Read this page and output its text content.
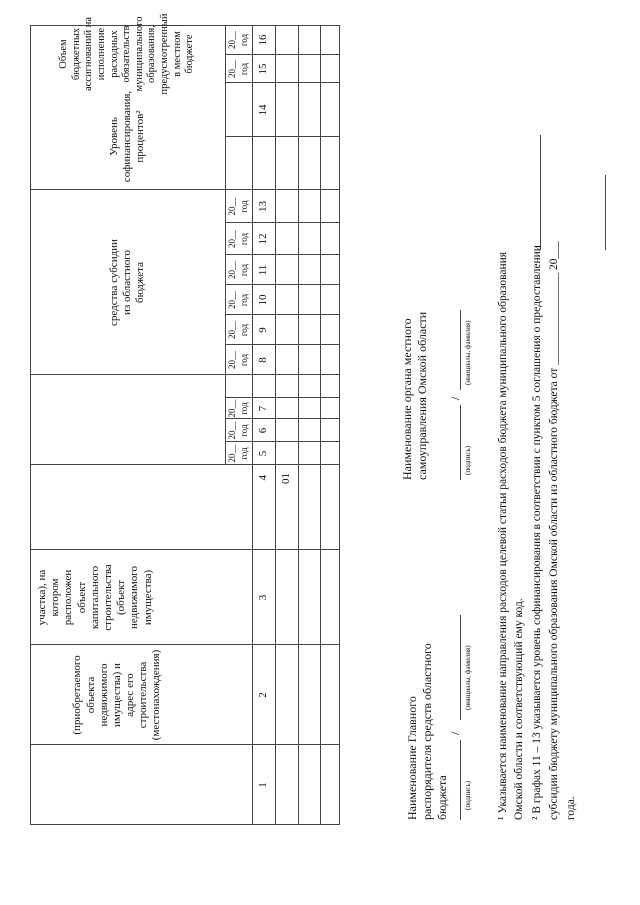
(приобретаемого объекта недвижимого имущества) и адрес его строительства (местонахождения)
участка), на котором расположен объект капитального строительства (объект недвижимого имущества)
средства субсидии из областного бюджета
Уровень софинансирования, процентов²
Объем бюджетных ассигнований на исполнение расходных обязательств муниципального образования, предусмотренный в местном бюджете
20__ год
20__ год
20__ год
20__ год
20__ год
20__ год
20__ год
20__ год
20__ год
20__ год
20__ год
1
2
3
4
5
6
7
8
9
10
11
12
13
14
15
16
01
Наименование Главного распорядителя средств областного бюджета
/
(подпись)
(инициалы, фамилия)
Наименование органа местного самоуправления Омской области /
(подпись)
(инициалы, фамилия) ¹ Указывается наименование направления расходов целевой статьи расходов бюджета муниципального образования Омской области и соответствующий ему код. ² В графах 11 – 13 указывается уровень софинансирования в соответствии с пунктом 5 соглашения о предоставлении субсидии бюджету муниципального образования Омской области из областного бюджета от ________________ 20___ года.
